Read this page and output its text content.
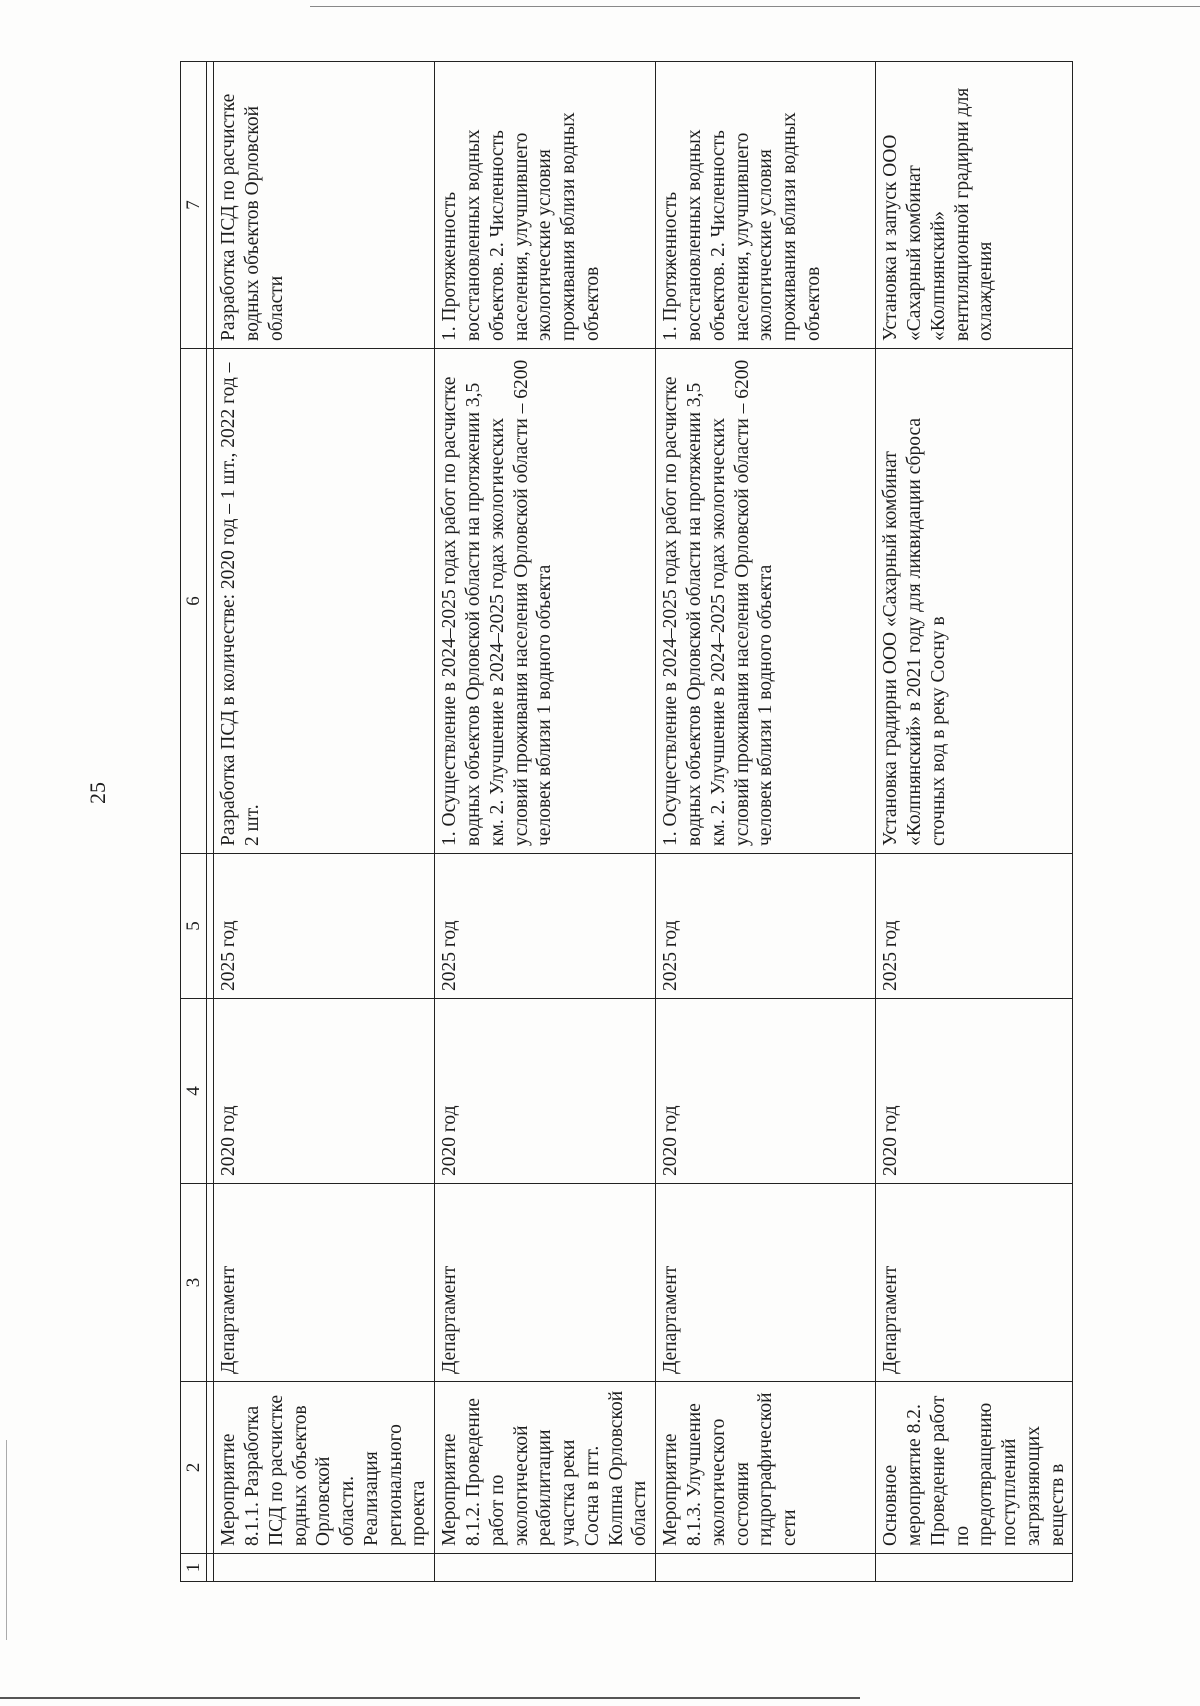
25
1	2	3	4	5	6	7

	Мероприятие 8.1.1. Разработка ПСД по расчистке водных объектов Орловской области. Реализация регионального проекта	Департамент	2020 год	2025 год	Разработка ПСД в количестве: 2020 год – 1 шт., 2022 год – 2 шт.	Разработка ПСД по расчистке водных объектов Орловской области
	Мероприятие 8.1.2. Проведение работ по экологической реабилитации участка реки Сосна в пгт. Колпна Орловской области	Департамент	2020 год	2025 год	1. Осуществление в 2024–2025 годах работ по расчистке водных объектов Орловской области на протяжении 3,5 км. 2. Улучшение в 2024–2025 годах экологических условий проживания населения Орловской области – 6200 человек вблизи 1 водного объекта	1. Протяженность восстановленных водных объектов. 2. Численность населения, улучшившего экологические условия проживания вблизи водных объектов
	Мероприятие 8.1.3. Улучшение экологического состояния гидрографической сети	Департамент	2020 год	2025 год	1. Осуществление в 2024–2025 годах работ по расчистке водных объектов Орловской области на протяжении 3,5 км. 2. Улучшение в 2024–2025 годах экологических условий проживания населения Орловской области – 6200 человек вблизи 1 водного объекта	1. Протяженность восстановленных водных объектов. 2. Численность населения, улучшившего экологические условия проживания вблизи водных объектов
	Основное мероприятие 8.2. Проведение работ по предотвращению поступлений загрязняющих веществ в	Департамент	2020 год	2025 год	Установка градирни ООО «Сахарный комбинат «Колпнянский» в 2021 году для ликвидации сброса сточных вод в реку Сосну в	Установка и запуск ООО «Сахарный комбинат «Колпнянский» вентиляционной градирни для охлаждения
